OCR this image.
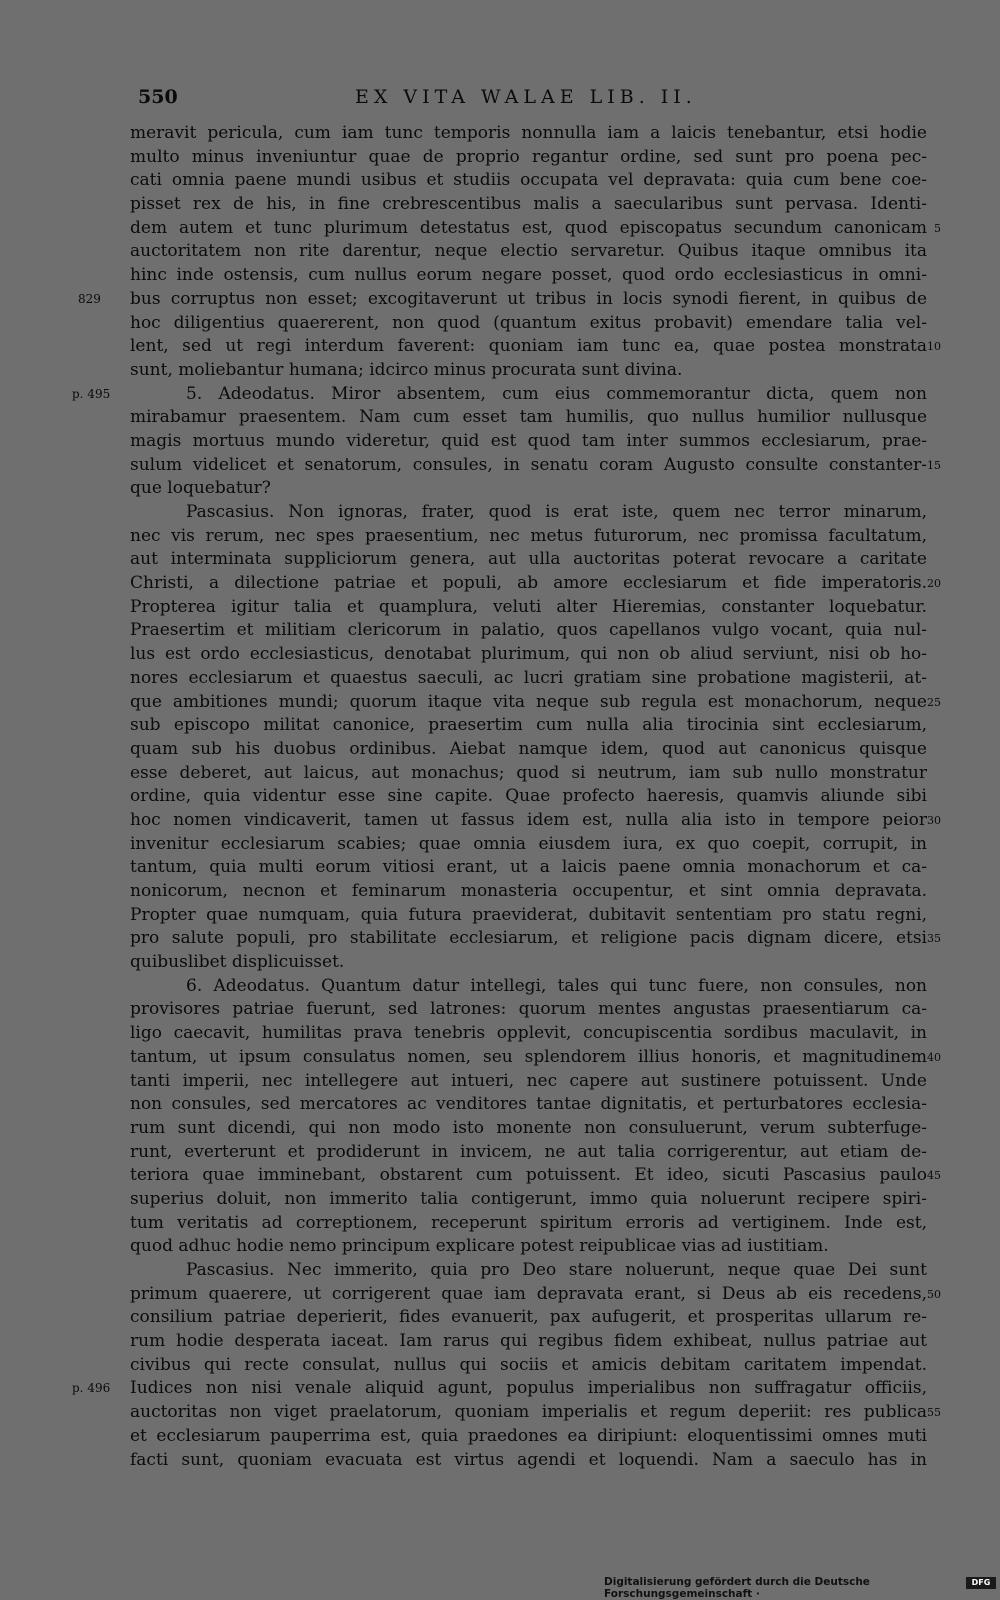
550	EX VITA WALAE LIB. II.
meravit pericula, cum iam tunc temporis nonnulla iam a laicis tenebantur, etsi hodie
multo minus inveniuntur quae de proprio regantur ordine, sed sunt pro poena pec-
cati omnia paene mundi usibus et studiis occupata vel depravata: quia cum bene coe-
pisset rex de his, in fine crebrescentibus malis a saecularibus sunt pervasa. Identi-
dem autem et tunc plurimum detestatus est, quod episcopatus secundum canonicam 5
auctoritatem non rite darentur, neque electio servaretur. Quibus itaque omnibus ita
hinc inde ostensis, cum nullus eorum negare posset, quod ordo ecclesiasticus in omni-
bus corruptus non esset; excogitaverunt ut tribus in locis synodi fierent, in quibus de
829
hoc diligentius quaererent, non quod (quantum exitus probavit) emendare talia vel-
lent, sed ut regi interdum faverent: quoniam iam tunc ea, quae postea monstrata 10
sunt, moliebantur humana; idcirco minus procurata sunt divina.
5. Adeodatus. Miror absentem, cum eius commemorantur dicta, quem non
p. 495
mirabamur praesentem. Nam cum esset tam humilis, quo nullus humilior nullusque
magis mortuus mundo videretur, quid est quod tam inter summos ecclesiarum, prae-
sulum videlicet et senatorum, consules, in senatu coram Augusto consulte constanter- 15
que loquebatur?
Pascasius. Non ignoras, frater, quod is erat iste, quem nec terror minarum,
nec vis rerum, nec spes praesentium, nec metus futurorum, nec promissa facultatum,
aut interminata suppliciorum genera, aut ulla auctoritas poterat revocare a caritate
Christi, a dilectione patriae et populi, ab amore ecclesiarum et fide imperatoris. 20
Propterea igitur talia et quamplura, veluti alter Hieremias, constanter loquebatur.
Praesertim et militiam clericorum in palatio, quos capellanos vulgo vocant, quia nul-
lus est ordo ecclesiasticus, denotabat plurimum, qui non ob aliud serviunt, nisi ob ho-
nores ecclesiarum et quaestus saeculi, ac lucri gratiam sine probatione magisterii, at-
que ambitiones mundi; quorum itaque vita neque sub regula est monachorum, neque 25
sub episcopo militat canonice, praesertim cum nulla alia tirocinia sint ecclesiarum,
quam sub his duobus ordinibus. Aiebat namque idem, quod aut canonicus quisque
esse deberet, aut laicus, aut monachus; quod si neutrum, iam sub nullo monstratur
ordine, quia videntur esse sine capite. Quae profecto haeresis, quamvis aliunde sibi
hoc nomen vindicaverit, tamen ut fassus idem est, nulla alia isto in tempore peior 30
invenitur ecclesiarum scabies; quae omnia eiusdem iura, ex quo coepit, corrupit, in
tantum, quia multi eorum vitiosi erant, ut a laicis paene omnia monachorum et ca-
nonicorum, necnon et feminarum monasteria occupentur, et sint omnia depravata.
Propter quae numquam, quia futura praeviderat, dubitavit sententiam pro statu regni,
pro salute populi, pro stabilitate ecclesiarum, et religione pacis dignam dicere, etsi 35
quibuslibet displicuisset.
6. Adeodatus. Quantum datur intellegi, tales qui tunc fuere, non consules, non
provisores patriae fuerunt, sed latrones: quorum mentes angustas praesentiarum ca-
ligo caecavit, humilitas prava tenebris opplevit, concupiscentia sordibus maculavit, in
tantum, ut ipsum consulatus nomen, seu splendorem illius honoris, et magnitudinem 40
tanti imperii, nec intellegere aut intueri, nec capere aut sustinere potuissent. Unde
non consules, sed mercatores ac venditores tantae dignitatis, et perturbatores ecclesia-
rum sunt dicendi, qui non modo isto monente non consuluerunt, verum subterfuge-
runt, everterunt et prodiderunt in invicem, ne aut talia corrigerentur, aut etiam de-
teriora quae imminebant, obstarent cum potuissent. Et ideo, sicuti Pascasius paulo 45
superius doluit, non immerito talia contigerunt, immo quia noluerunt recipere spiri-
tum veritatis ad correptionem, receperunt spiritum erroris ad vertiginem. Inde est,
quod adhuc hodie nemo principum explicare potest reipublicae vias ad iustitiam.
Pascasius. Nec immerito, quia pro Deo stare noluerunt, neque quae Dei sunt
primum quaerere, ut corrigerent quae iam depravata erant, si Deus ab eis recedens, 50
consilium patriae deperierit, fides evanuerit, pax aufugerit, et prosperitas ullarum re-
rum hodie desperata iaceat. Iam rarus qui regibus fidem exhibeat, nullus patriae aut
civibus qui recte consulat, nullus qui sociis et amicis debitam caritatem impendat.
Iudices non nisi venale aliquid agunt, populus imperialibus non suffragatur officiis,
p. 496
auctoritas non viget praelatorum, quoniam imperialis et regum deperiit: res publica 55
et ecclesiarum pauperrima est, quia praedones ea diripiunt: eloquentissimi omnes muti
facti sunt, quoniam evacuata est virtus agendi et loquendi. Nam a saeculo has in
Digitalisierung gefördert durch die Deutsche Forschungsgemeinschaft ·
DFG
